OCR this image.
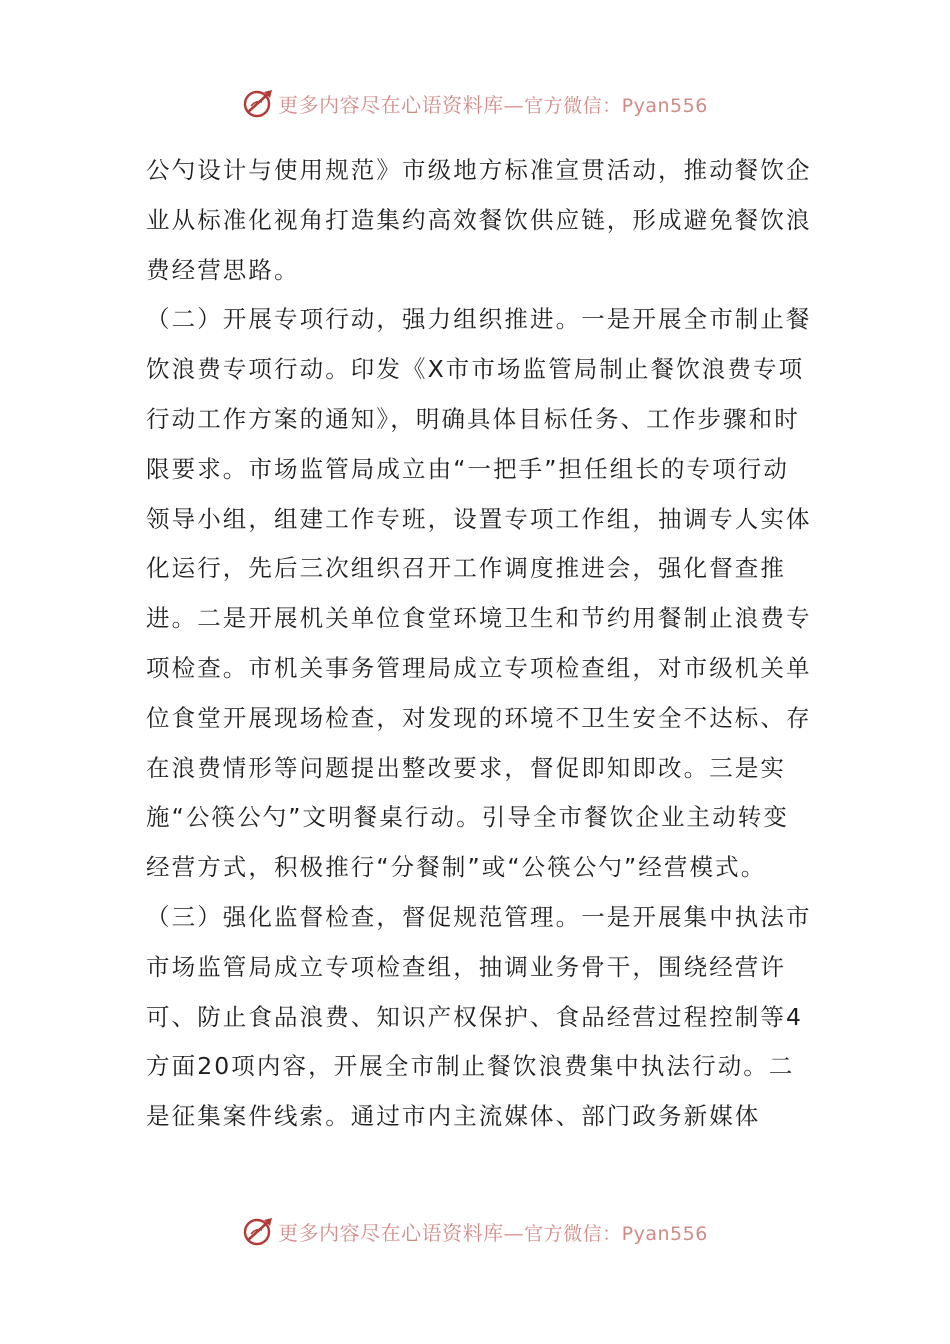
更多内容尽在心语资料库—官方微信：Pyan556

公勺设计与使用规范》市级地方标准宣贯活动，推动餐饮企业从标准化视角打造集约高效餐饮供应链，形成避免餐饮浪费经营思路。

（二）开展专项行动，强力组织推进。一是开展全市制止餐饮浪费专项行动。印发《X市市场监管局制止餐饮浪费专项行动工作方案的通知》，明确具体目标任务、工作步骤和时限要求。市场监管局成立由“一把手”担任组长的专项行动领导小组，组建工作专班，设置专项工作组，抽调专人实体化运行，先后三次组织召开工作调度推进会，强化督查推进。二是开展机关单位食堂环境卫生和节约用餐制止浪费专项检查。市机关事务管理局成立专项检查组，对市级机关单位食堂开展现场检查，对发现的环境不卫生安全不达标、存在浪费情形等问题提出整改要求，督促即知即改。三是实施“公筷公勺”文明餐桌行动。引导全市餐饮企业主动转变经营方式，积极推行“分餐制”或“公筷公勺”经营模式。

（三）强化监督检查，督促规范管理。一是开展集中执法市市场监管局成立专项检查组，抽调业务骨干，围绕经营许可、防止食品浪费、知识产权保护、食品经营过程控制等4方面20项内容，开展全市制止餐饮浪费集中执法行动。二是征集案件线索。通过市内主流媒体、部门政务新媒体

更多内容尽在心语资料库—官方微信：Pyan556
